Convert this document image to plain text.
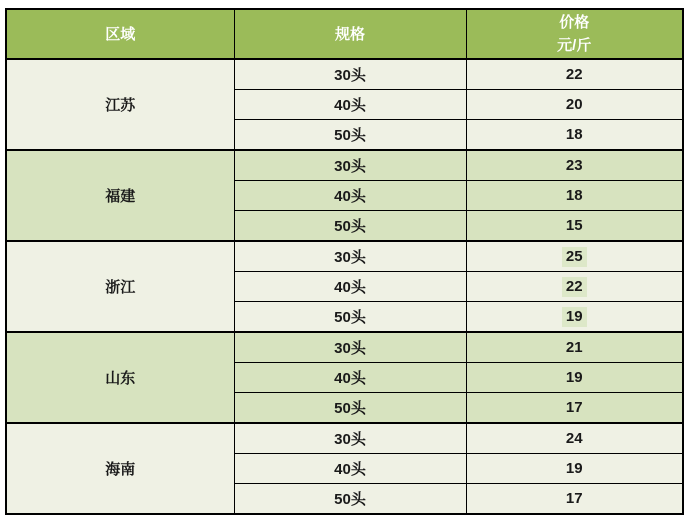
区域	规格	价格
元/斤

江苏	30头	22
	40头	20
	50头	18
福建	30头	23
	40头	18
	50头	15
浙江	30头	25
	40头	22
	50头	19
山东	30头	21
	40头	19
	50头	17
海南	30头	24
	40头	19
	50头	17
